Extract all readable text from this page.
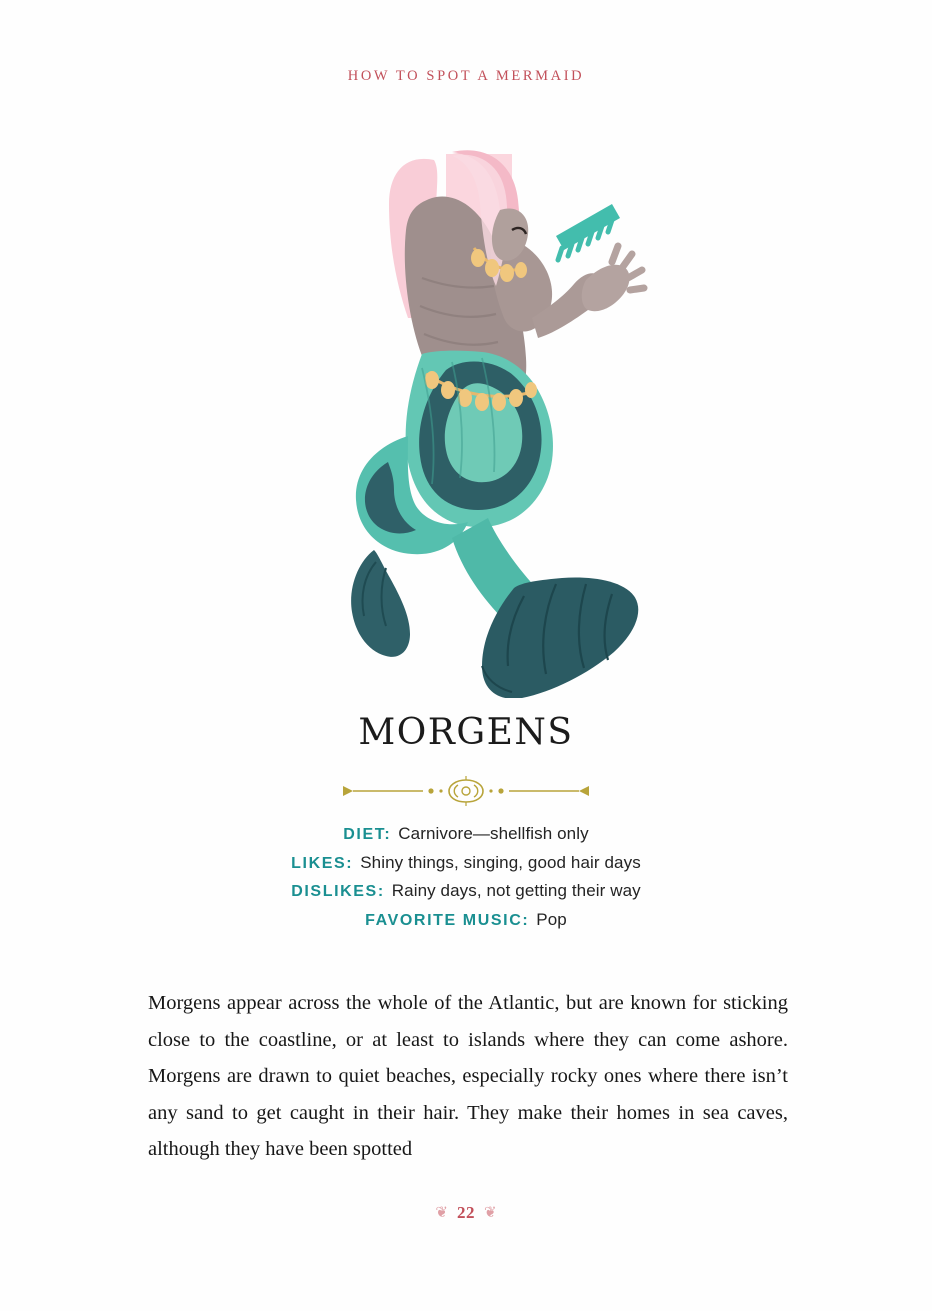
HOW TO SPOT A MERMAID
MORGENS
DIET: Carnivore—shellfish only
LIKES: Shiny things, singing, good hair days
DISLIKES: Rainy days, not getting their way
FAVORITE MUSIC: Pop

Morgens appear across the whole of the Atlantic, but are known for sticking close to the coastline, or at least to islands where they can come ashore. Morgens are drawn to quiet beaches, especially rocky ones where there isn’t any sand to get caught in their hair. They make their homes in sea caves, although they have been spotted

❦ 22 ❦
